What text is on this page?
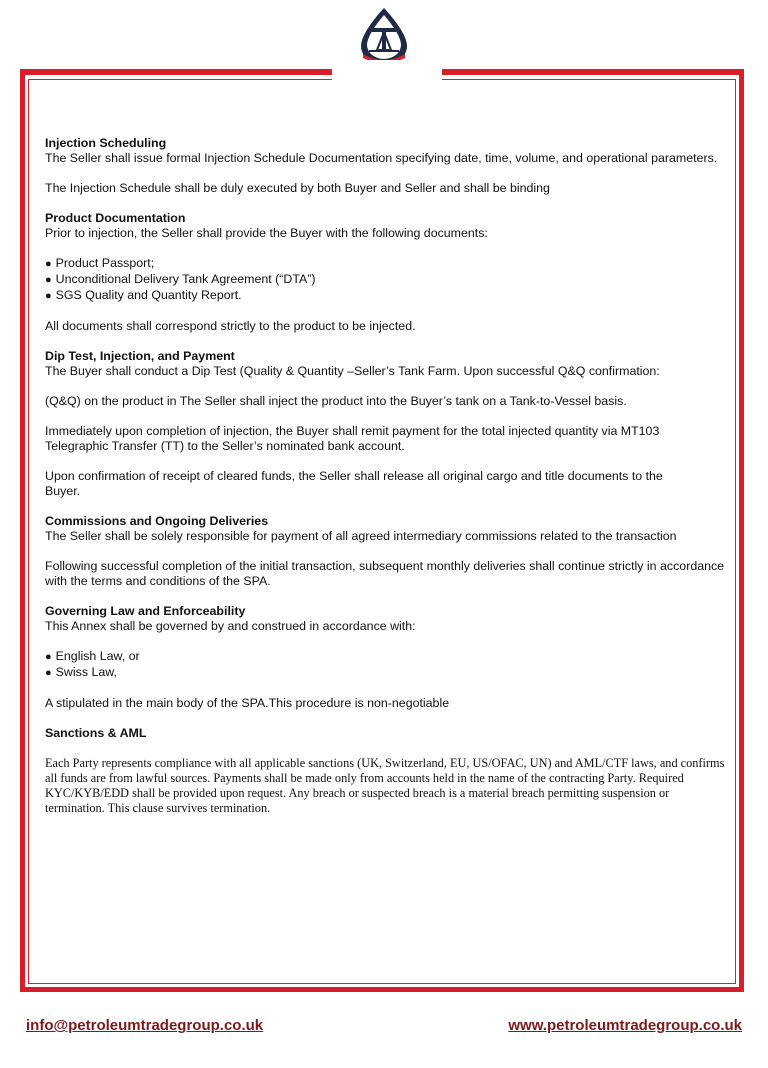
Injection Scheduling

The Seller shall issue formal Injection Schedule Documentation specifying date, time, volume, and operational parameters.

The Injection Schedule shall be duly executed by both Buyer and Seller and shall be binding

Product Documentation

Prior to injection, the Seller shall provide the Buyer with the following documents:

● Product Passport;
● Unconditional Delivery Tank Agreement (“DTA”)
● SGS Quality and Quantity Report.

All documents shall correspond strictly to the product to be injected.

Dip Test, Injection, and Payment

The Buyer shall conduct a Dip Test (Quality & Quantity –Seller’s Tank Farm. Upon successful Q&Q confirmation:

(Q&Q) on the product in The Seller shall inject the product into the Buyer’s tank on a Tank-to-Vessel basis.

Immediately upon completion of injection, the Buyer shall remit payment for the total injected quantity via MT103 Telegraphic Transfer (TT) to the Seller’s nominated bank account.

Upon confirmation of receipt of cleared funds, the Seller shall release all original cargo and title documents to the Buyer.

Commissions and Ongoing Deliveries

The Seller shall be solely responsible for payment of all agreed intermediary commissions related to the transaction

Following successful completion of the initial transaction, subsequent monthly deliveries shall continue strictly in accordance with the terms and conditions of the SPA.

Governing Law and Enforceability

This Annex shall be governed by and construed in accordance with:

● English Law, or
● Swiss Law,

A stipulated in the main body of the SPA.This procedure is non-negotiable

Sanctions & AML

Each Party represents compliance with all applicable sanctions (UK, Switzerland, EU, US/OFAC, UN) and AML/CTF laws, and confirms all funds are from lawful sources. Payments shall be made only from accounts held in the name of the contracting Party. Required KYC/KYB/EDD shall be provided upon request. Any breach or suspected breach is a material breach permitting suspension or termination. This clause survives termination.

info@petroleumtradegroup.co.uk	www.petroleumtradegroup.co.uk
